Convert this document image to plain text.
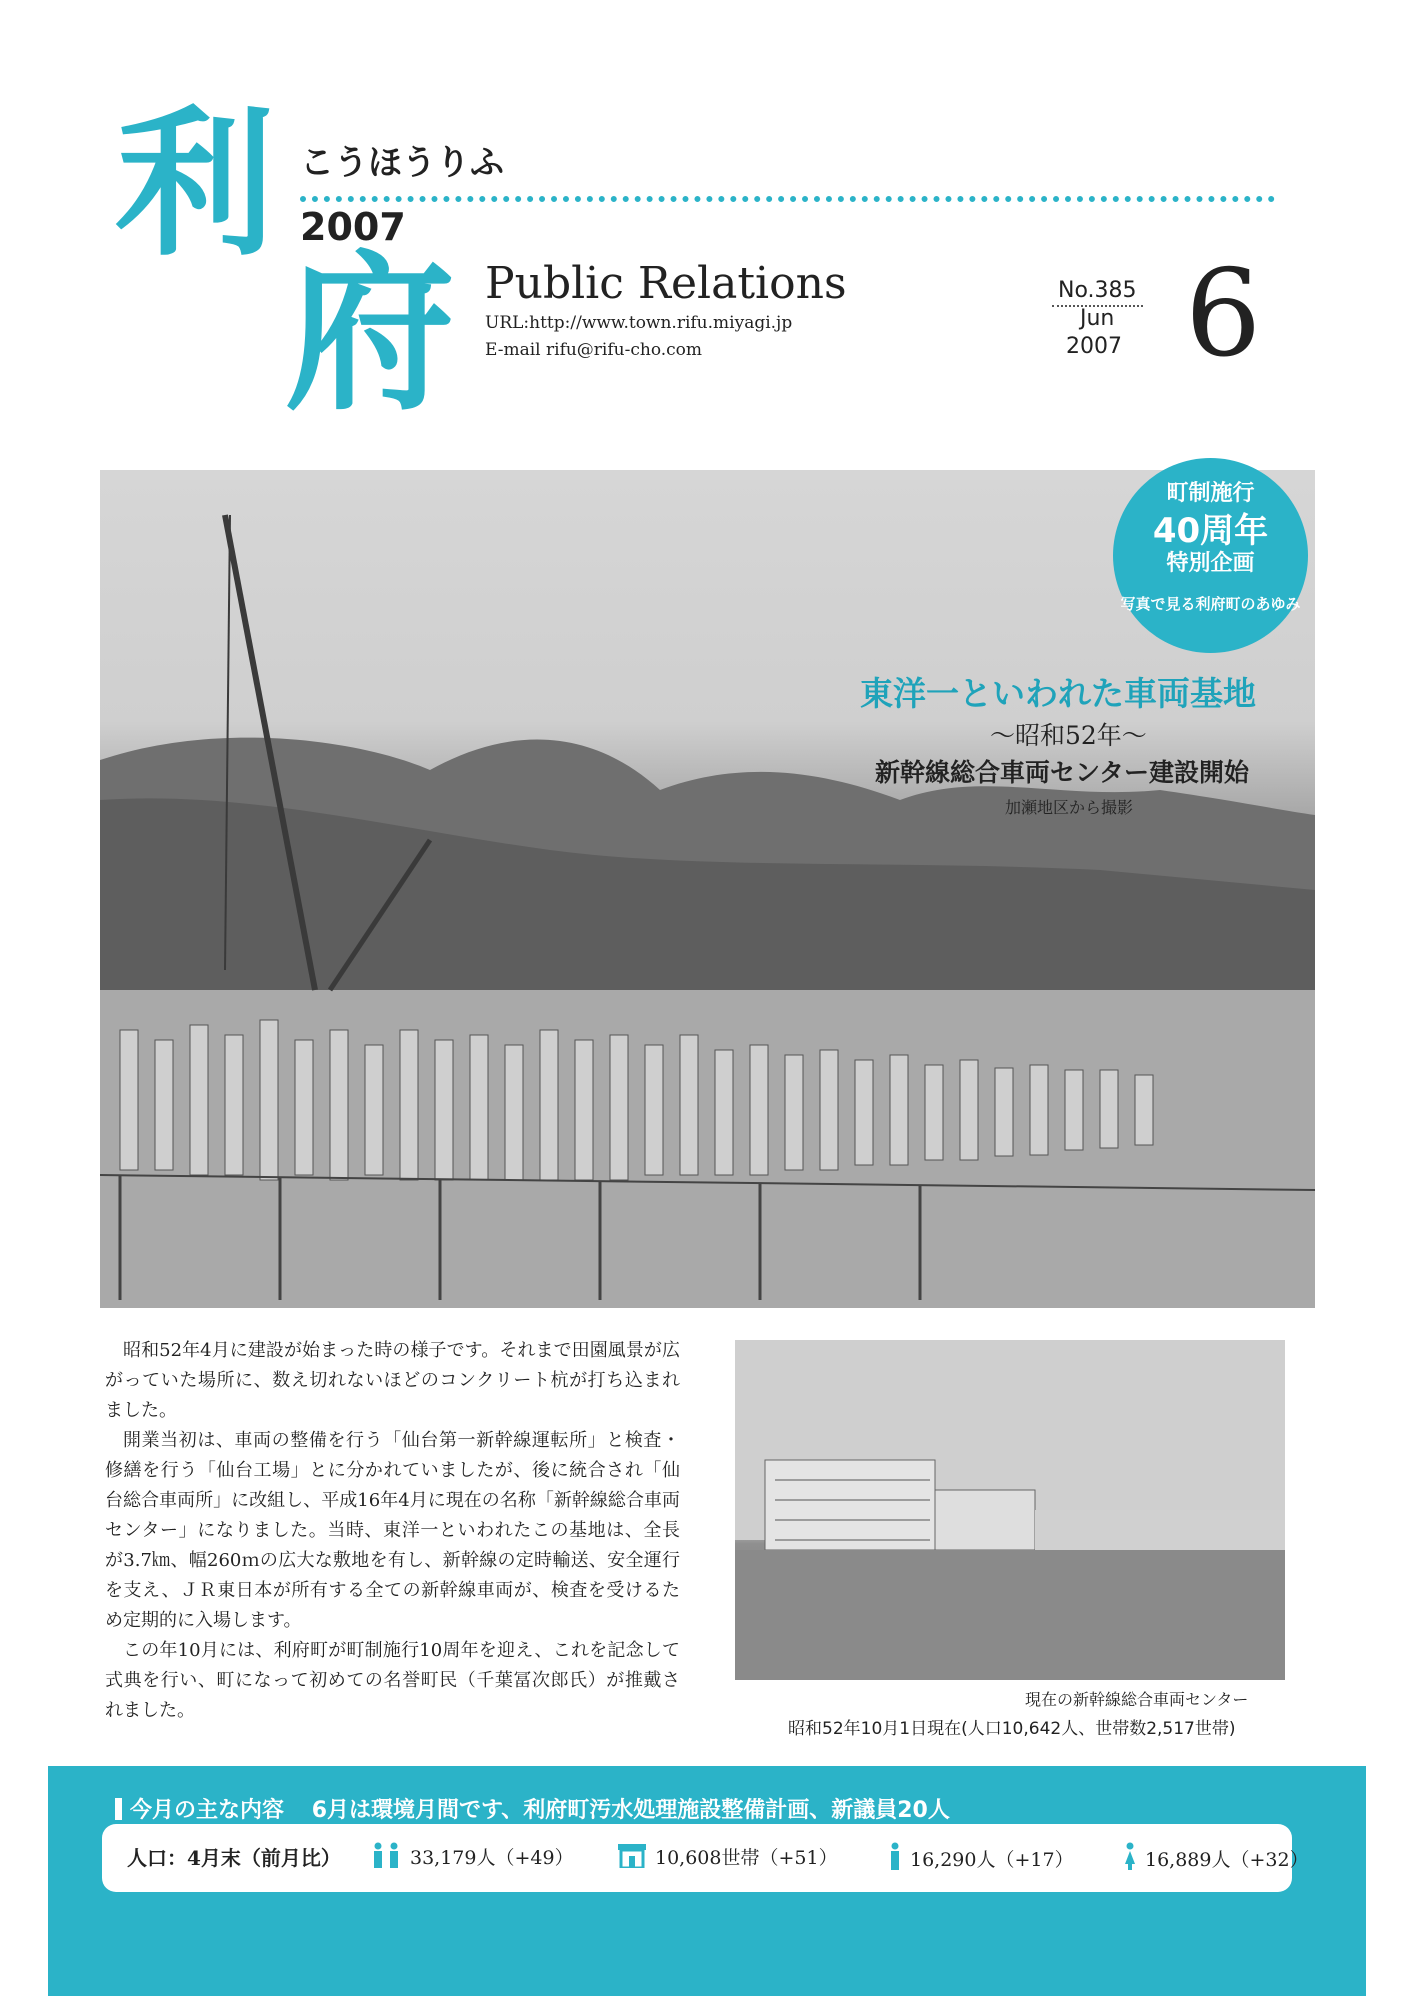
利
府
こうほうりふ
2007
Public Relations
URL:http://www.town.rifu.miyagi.jp
E-mail rifu@rifu-cho.com
No.385
Jun
2007 6
町制施行
40周年
特別企画
写真で見る利府町のあゆみ
東洋一といわれた車両基地
～昭和52年～
新幹線総合車両センター建設開始
加瀬地区から撮影

昭和52年4月に建設が始まった時の様子です。それまで田園風景が広がっていた場所に、数え切れないほどのコンクリート杭が打ち込まれました。

開業当初は、車両の整備を行う「仙台第一新幹線運転所」と検査・修繕を行う「仙台工場」とに分かれていましたが、後に統合され「仙台総合車両所」に改組し、平成16年4月に現在の名称「新幹線総合車両センター」になりました。当時、東洋一といわれたこの基地は、全長が3.7㎞、幅260ｍの広大な敷地を有し、新幹線の定時輸送、安全運行を支え、ＪＲ東日本が所有する全ての新幹線車両が、検査を受けるため定期的に入場します。

この年10月には、利府町が町制施行10周年を迎え、これを記念して式典を行い、町になって初めての名誉町民（千葉冨次郎氏）が推戴されました。

現在の新幹線総合車両センター
昭和52年10月1日現在(人口10,642人、世帯数2,517世帯)
今月の主な内容 6月は環境月間です、利府町汚水処理施設整備計画、新議員20人
人口：4月末（前月比）	33,179人（+49）	10,608世帯（+51）	16,290人（+17）	16,889人（+32）
